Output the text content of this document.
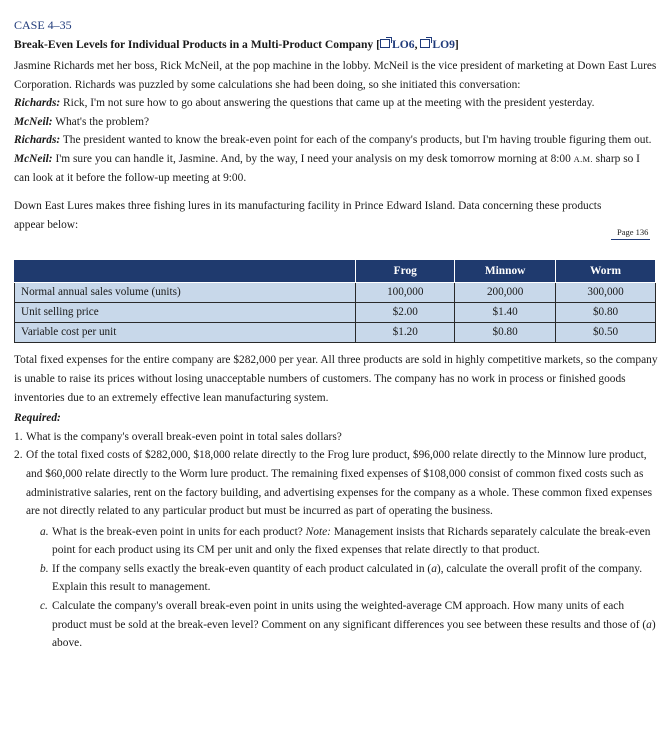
CASE 4–35
Break-Even Levels for Individual Products in a Multi-Product Company [ LO6, LO9]

Jasmine Richards met her boss, Rick McNeil, at the pop machine in the lobby. McNeil is the vice president of marketing at Down East Lures Corporation. Richards was puzzled by some calculations she had been doing, so she initiated this conversation:

Richards: Rick, I'm not sure how to go about answering the questions that came up at the meeting with the president yesterday.

McNeil: What's the problem?

Richards: The president wanted to know the break-even point for each of the company's products, but I'm having trouble figuring them out.

McNeil: I'm sure you can handle it, Jasmine. And, by the way, I need your analysis on my desk tomorrow morning at 8:00 A.M. sharp so I can look at it before the follow-up meeting at 9:00.

Page 136

Down East Lures makes three fishing lures in its manufacturing facility in Prince Edward Island. Data concerning these products appear below:

	Frog	Minnow	Worm
Normal annual sales volume (units)	100,000	200,000	300,000
Unit selling price	$2.00	$1.40	$0.80
Variable cost per unit	$1.20	$0.80	$0.50

Total fixed expenses for the entire company are $282,000 per year. All three products are sold in highly competitive markets, so the company is unable to raise its prices without losing unacceptable numbers of customers. The company has no work in process or finished goods inventories due to an extremely effective lean manufacturing system.

Required:
1. What is the company's overall break-even point in total sales dollars?
2. Of the total fixed costs of $282,000, $18,000 relate directly to the Frog lure product, $96,000 relate directly to the Minnow lure product, and $60,000 relate directly to the Worm lure product. The remaining fixed expenses of $108,000 consist of common fixed costs such as administrative salaries, rent on the factory building, and advertising expenses for the company as a whole. These common fixed expenses are not directly related to any particular product but must be incurred as part of operating the business.
a. What is the break-even point in units for each product? Note: Management insists that Richards separately calculate the break-even point for each product using its CM per unit and only the fixed expenses that relate directly to that product.
b. If the company sells exactly the break-even quantity of each product calculated in (a), calculate the overall profit of the company. Explain this result to management.
c. Calculate the company's overall break-even point in units using the weighted-average CM approach. How many units of each product must be sold at the break-even level? Comment on any significant differences you see between these results and those of (a) above.
